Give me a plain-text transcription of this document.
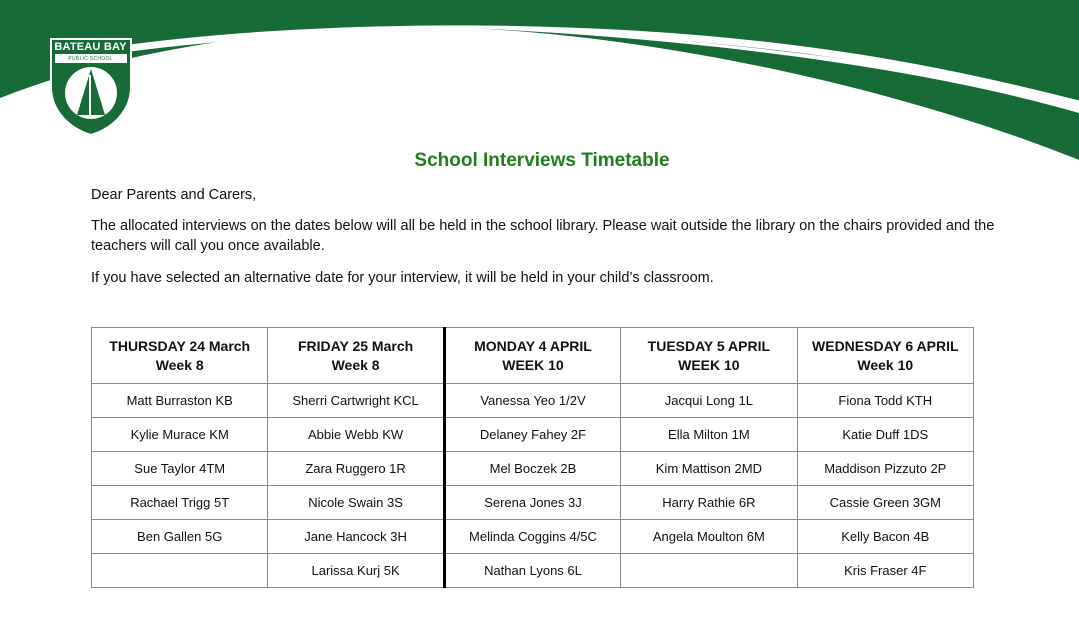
BATEAU BAY
PUBLIC SCHOOL
School Interviews Timetable
Dear Parents and Carers,
The allocated interviews on the dates below will all be held in the school library. Please wait outside the library on the chairs provided and the teachers will call you once available.
If you have selected an alternative date for your interview, it will be held in your child’s classroom.
THURSDAY 24 March
Week 8	FRIDAY 25 March
Week 8	MONDAY 4 APRIL
WEEK 10	TUESDAY 5 APRIL
WEEK 10	WEDNESDAY 6 APRIL
Week 10
Matt Burraston KB	Sherri Cartwright KCL	Vanessa Yeo 1/2V	Jacqui Long 1L	Fiona Todd KTH
Kylie Murace KM	Abbie Webb KW	Delaney Fahey 2F	Ella Milton 1M	Katie Duff 1DS
Sue Taylor 4TM	Zara Ruggero 1R	Mel Boczek 2B	Kim Mattison 2MD	Maddison Pizzuto 2P
Rachael Trigg 5T	Nicole Swain 3S	Serena Jones 3J	Harry Rathie 6R	Cassie Green 3GM
Ben Gallen 5G	Jane Hancock 3H	Melinda Coggins 4/5C	Angela Moulton 6M	Kelly Bacon 4B
	Larissa Kurj 5K	Nathan Lyons 6L		Kris Fraser 4F
